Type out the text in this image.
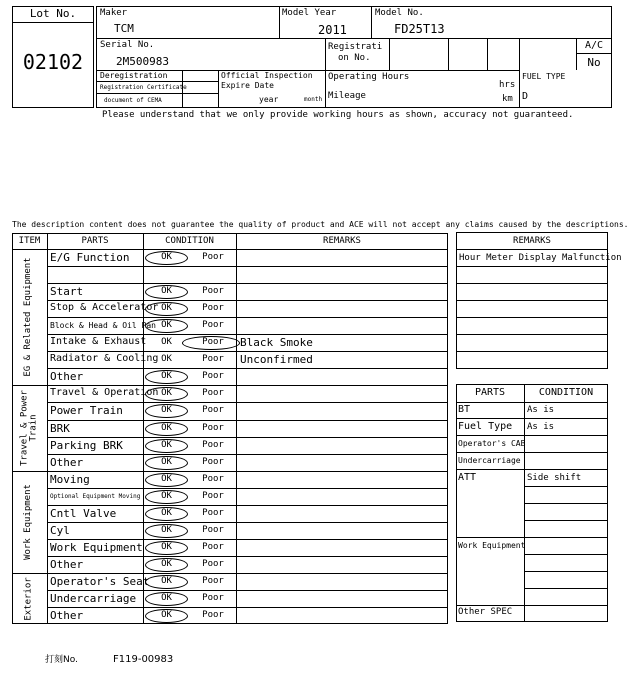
Lot No.
02102
Maker
TCM
Model Year
2011
Model No.
FD25T13
Serial No.
2M500983
Registrati
on No.
A/C
No
Deregistration
Registration Certificate
document of CEMA
Official Inspection
Expire Date
year	month
Operating Hours
hrs
Mileage	km
FUEL TYPE
D
Please understand that we only provide working hours as shown, accuracy not guaranteed.
The description content does not guarantee the quality of product and ACE will not accept any claims caused by the descriptions.
ITEM	PARTS	CONDITION	REMARKS
EG & Related Equipment
E/G Function	OK	Poor
Start	OK	Poor
Stop & Accelerator OK	Poor
Block & Head & Oil Pan OK	Poor
Intake & Exhaust	OK	Poor	Black Smoke
Radiator & Cooling OK	Poor	Unconfirmed
Other	OK	Poor
Travel & Power Train
Travel & Operation OK	Poor
Power Train	OK	Poor
BRK	OK	Poor
Parking BRK	OK	Poor
Other	OK	Poor
Work Equipment
Moving	OK	Poor
Optional Equipment Moving	OK	Poor
Cntl Valve	OK	Poor
Cyl	OK	Poor
Work Equipment	OK	Poor
Other	OK	Poor
Exterior	Operator's Seat	OK	Poor
Undercarriage	OK	Poor
Other	OK	Poor
REMARKS
Hour Meter Display Malfunction
PARTS	CONDITION
BT	As is
Fuel Type As is
Operator's CAB
Undercarriage
ATT	Side shift
Work Equipment
Other SPEC
打刻No.	F119-00983
